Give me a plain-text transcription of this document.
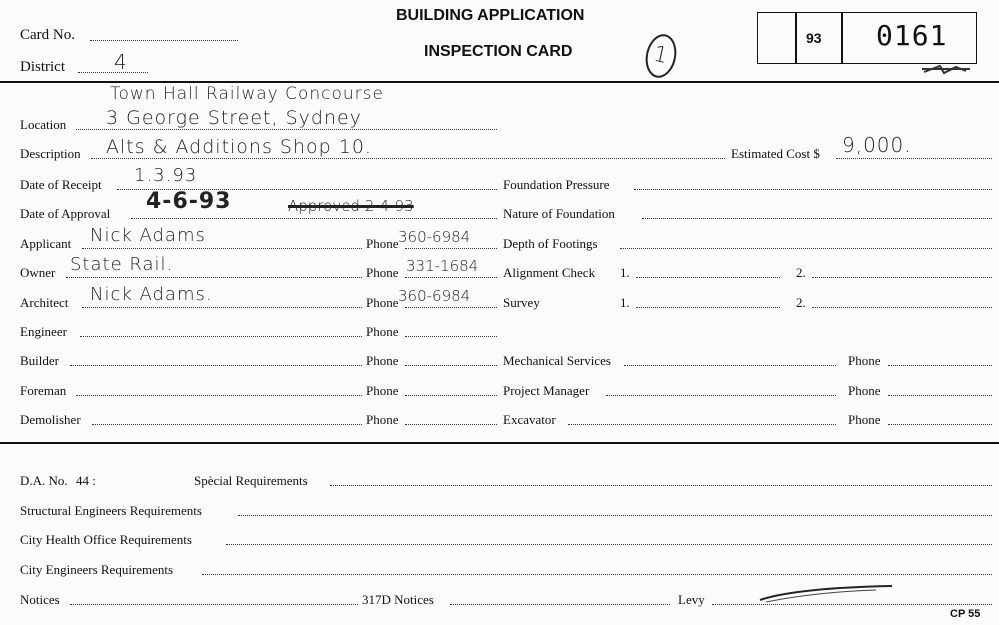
Card No.
District 4
BUILDING APPLICATION
INSPECTION CARD	1
93 0161
Town Hall Railway Concourse
Location 3 George Street, Sydney
Description Alts & Additions Shop 10.	Estimated Cost $ 9,000.
Date of Receipt 1.3.93
Date of Approval 4-6-93	Approved 2-4-93
Applicant Nick Adams	Phone 360-6984
Owner State Rail.	Phone 331-1684
Architect Nick Adams.	Phone 360-6984
Engineer	Phone
Builder	Phone
Foreman	Phone
Demolisher	Phone
Foundation Pressure
Nature of Foundation
Depth of Footings
Alignment Check 1.	2.
Survey	1.	2.
Mechanical Services	Phone
Project Manager	Phone
Excavator	Phone
D.A. No. 44 :	Spècial Requirements
Structural Engineers Requirements
City Health Office Requirements
City Engineers Requirements
Notices	317D Notices	Levy
CP 55
